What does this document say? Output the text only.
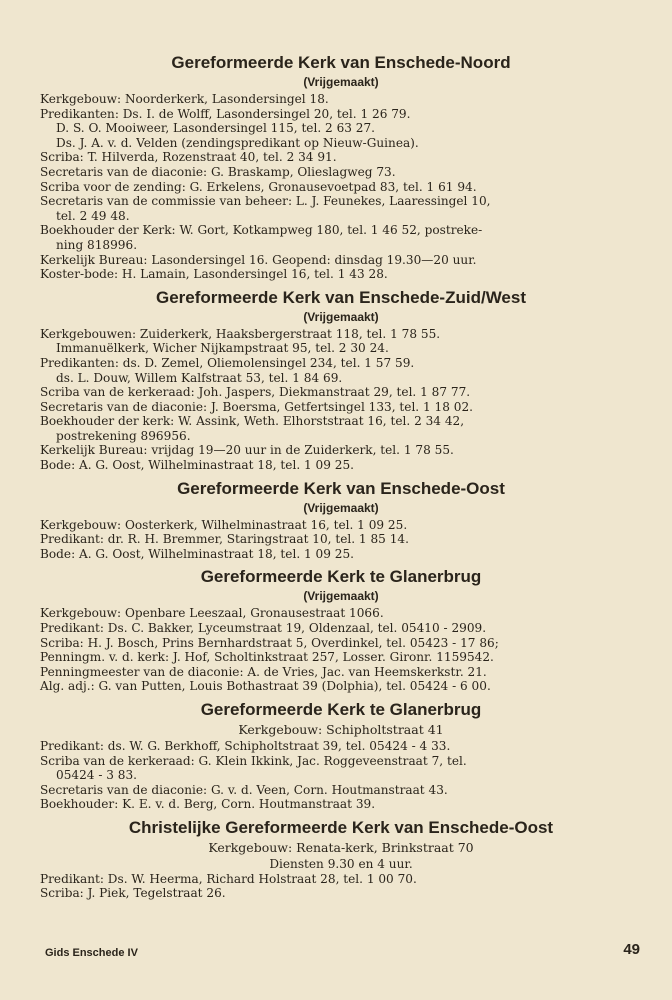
Gereformeerde Kerk van Enschede-Noord
(Vrijgemaakt)

Kerkgebouw: Noorderkerk, Lasondersingel 18.

Predikanten: Ds. I. de Wolff, Lasondersingel 20, tel. 1 26 79.

D. S. O. Mooiweer, Lasondersingel 115, tel. 2 63 27.

Ds. J. A. v. d. Velden (zendingspredikant op Nieuw-Guinea).

Scriba: T. Hilverda, Rozenstraat 40, tel. 2 34 91.

Secretaris van de diaconie: G. Braskamp, Olieslagweg 73.

Scriba voor de zending: G. Erkelens, Gronausevoetpad 83, tel. 1 61 94.

Secretaris van de commissie van beheer: L. J. Feunekes, Laaressingel 10,

tel. 2 49 48.

Boekhouder der Kerk: W. Gort, Kotkampweg 180, tel. 1 46 52, postreke-

ning 818996.

Kerkelijk Bureau: Lasondersingel 16. Geopend: dinsdag 19.30—20 uur.

Koster-bode: H. Lamain, Lasondersingel 16, tel. 1 43 28.

Gereformeerde Kerk van Enschede-Zuid/West
(Vrijgemaakt)

Kerkgebouwen: Zuiderkerk, Haaksbergerstraat 118, tel. 1 78 55.

Immanuëlkerk, Wicher Nijkampstraat 95, tel. 2 30 24.

Predikanten: ds. D. Zemel, Oliemolensingel 234, tel. 1 57 59.

ds. L. Douw, Willem Kalfstraat 53, tel. 1 84 69.

Scriba van de kerkeraad: Joh. Jaspers, Diekmanstraat 29, tel. 1 87 77.

Secretaris van de diaconie: J. Boersma, Getfertsingel 133, tel. 1 18 02.

Boekhouder der kerk: W. Assink, Weth. Elhorststraat 16, tel. 2 34 42,

postrekening 896956.

Kerkelijk Bureau: vrijdag 19—20 uur in de Zuiderkerk, tel. 1 78 55.

Bode: A. G. Oost, Wilhelminastraat 18, tel. 1 09 25.

Gereformeerde Kerk van Enschede-Oost
(Vrijgemaakt)

Kerkgebouw: Oosterkerk, Wilhelminastraat 16, tel. 1 09 25.

Predikant: dr. R. H. Bremmer, Staringstraat 10, tel. 1 85 14.

Bode: A. G. Oost, Wilhelminastraat 18, tel. 1 09 25.

Gereformeerde Kerk te Glanerbrug
(Vrijgemaakt)

Kerkgebouw: Openbare Leeszaal, Gronausestraat 1066.

Predikant: Ds. C. Bakker, Lyceumstraat 19, Oldenzaal, tel. 05410 - 2909.

Scriba: H. J. Bosch, Prins Bernhardstraat 5, Overdinkel, tel. 05423 - 17 86;

Penningm. v. d. kerk: J. Hof, Scholtinkstraat 257, Losser. Gironr. 1159542.

Penningmeester van de diaconie: A. de Vries, Jac. van Heemskerkstr. 21.

Alg. adj.: G. van Putten, Louis Bothastraat 39 (Dolphia), tel. 05424 - 6 00.

Gereformeerde Kerk te Glanerbrug
Kerkgebouw: Schipholtstraat 41

Predikant: ds. W. G. Berkhoff, Schipholtstraat 39, tel. 05424 - 4 33.

Scriba van de kerkeraad: G. Klein Ikkink, Jac. Roggeveenstraat 7, tel.

05424 - 3 83.

Secretaris van de diaconie: G. v. d. Veen, Corn. Houtmanstraat 43.

Boekhouder: K. E. v. d. Berg, Corn. Houtmanstraat 39.

Christelijke Gereformeerde Kerk van Enschede-Oost
Kerkgebouw: Renata-kerk, Brinkstraat 70

Diensten 9.30 en 4 uur.

Predikant: Ds. W. Heerma, Richard Holstraat 28, tel. 1 00 70.

Scriba: J. Piek, Tegelstraat 26.

Gids Enschede IV	49
